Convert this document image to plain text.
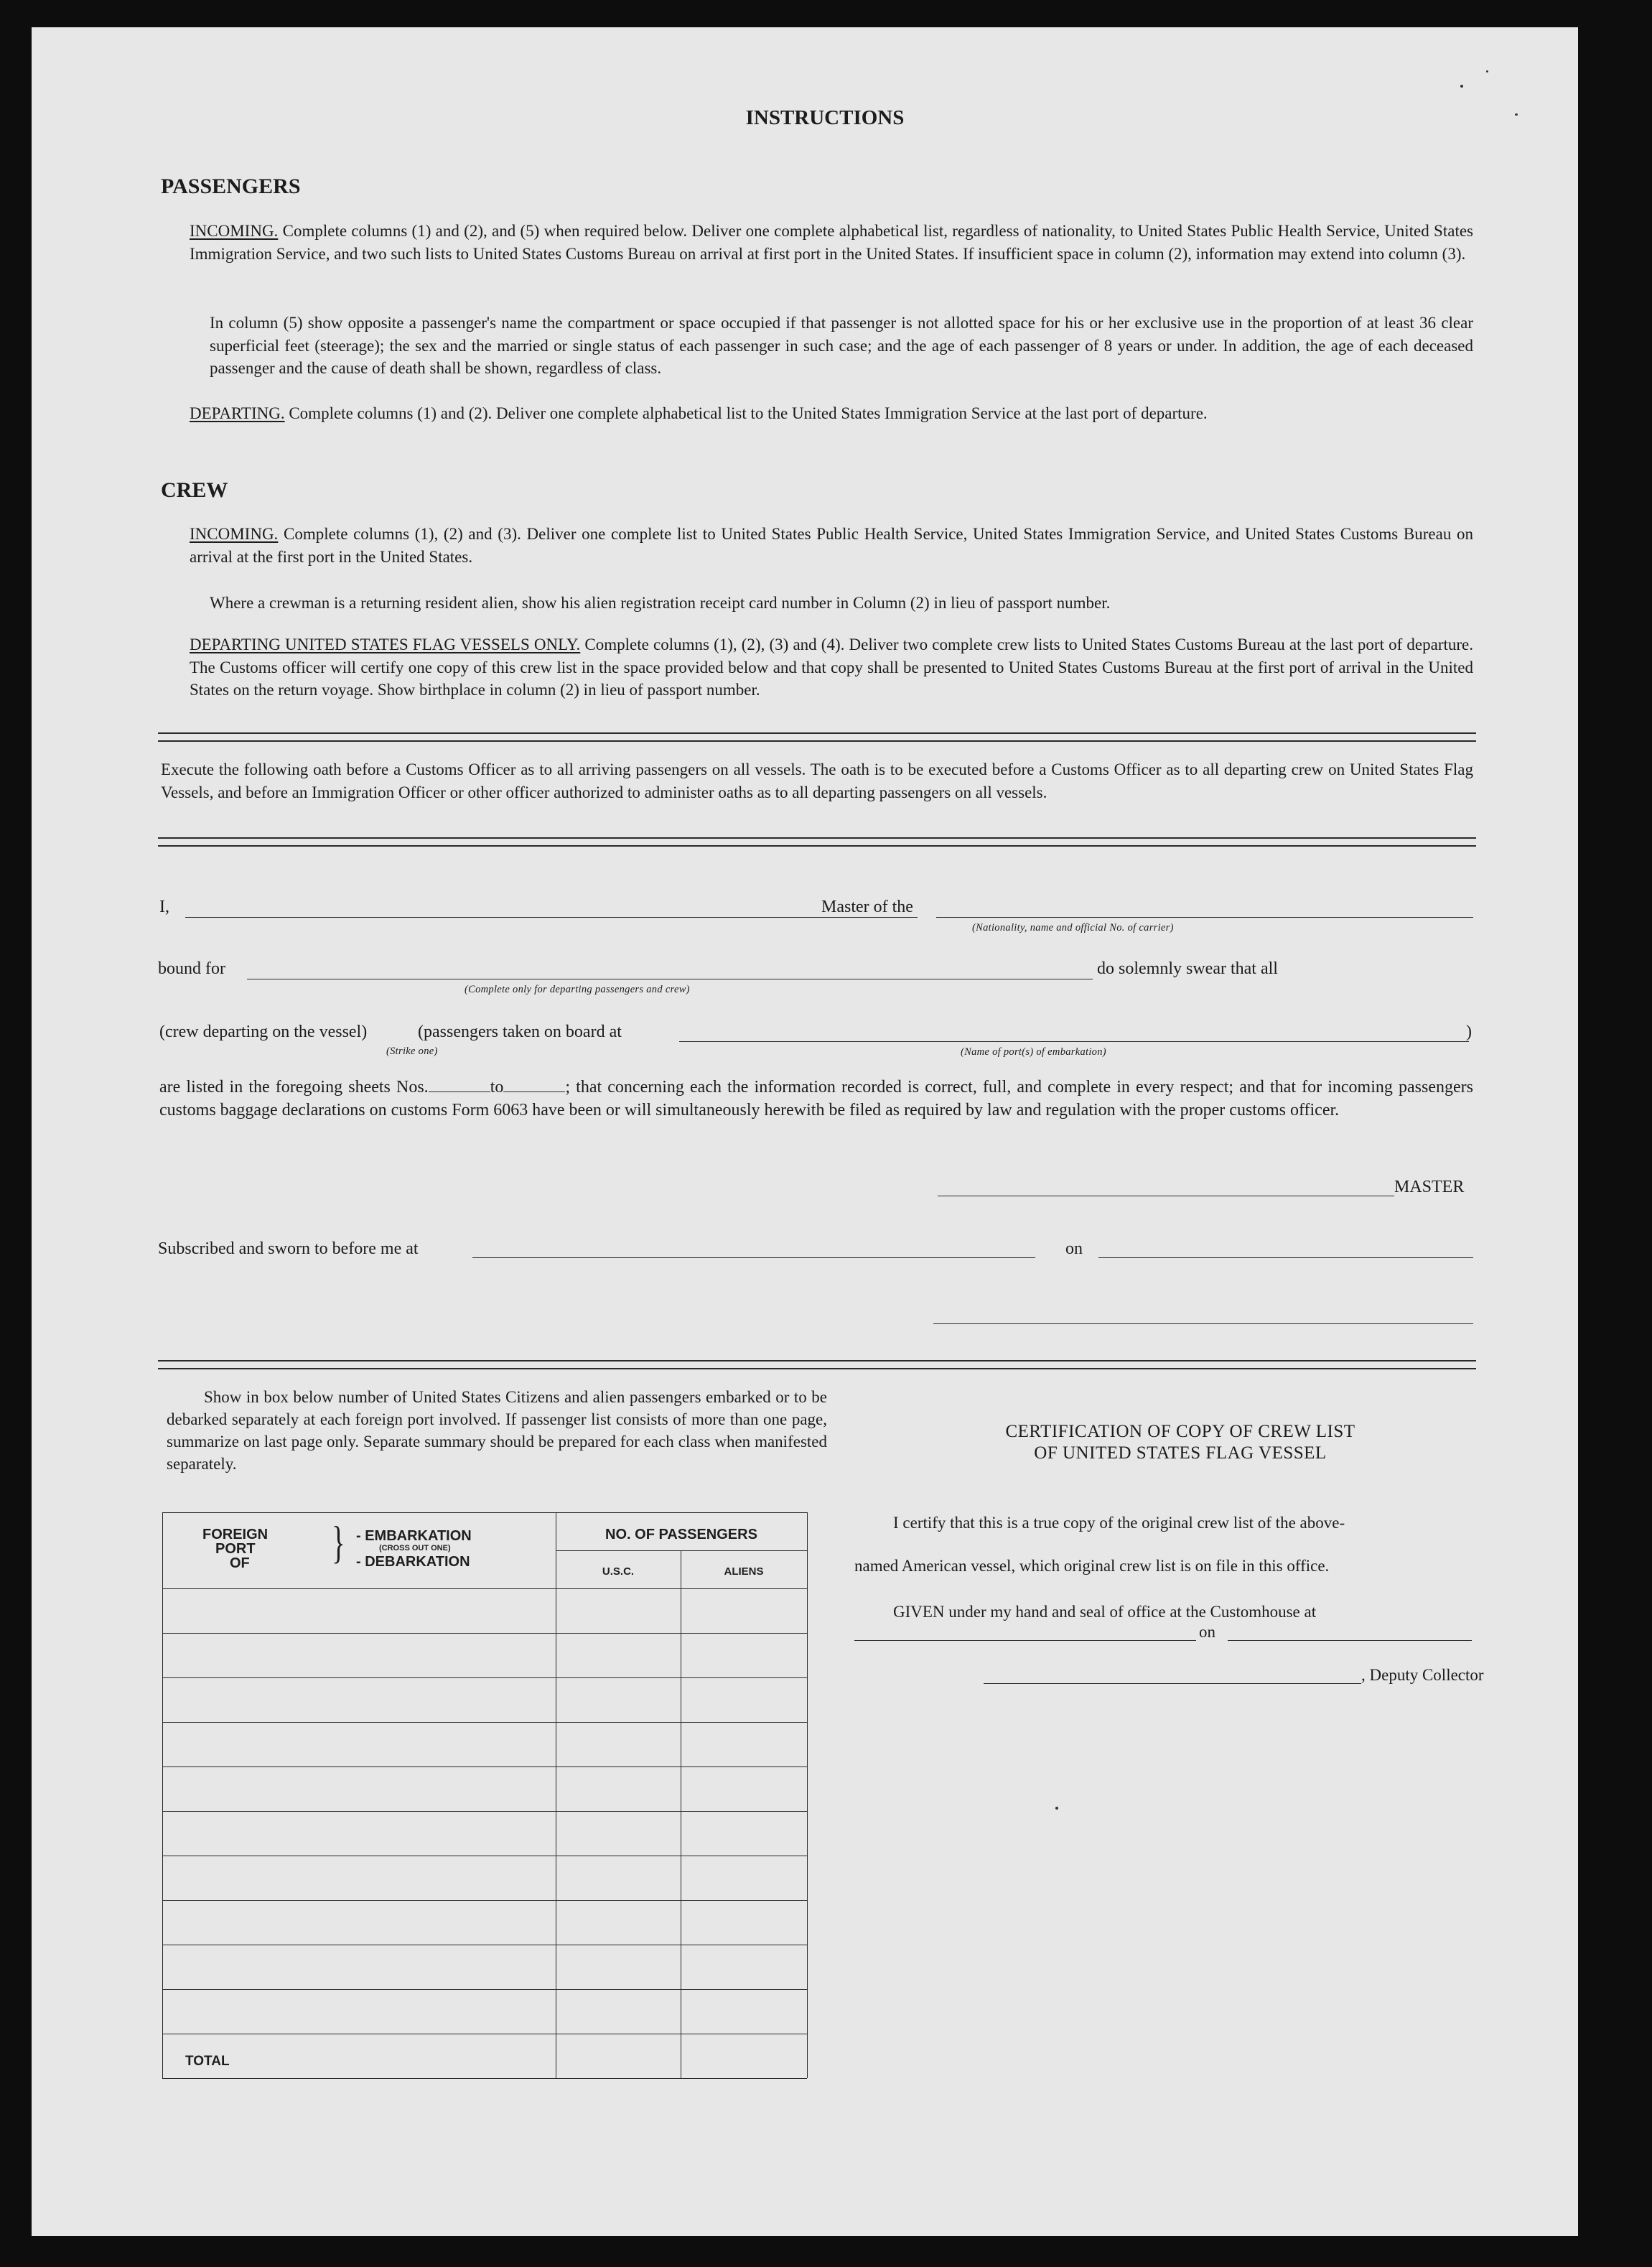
INSTRUCTIONS
PASSENGERS
INCOMING. Complete columns (1) and (2), and (5) when required below. Deliver one complete alphabetical list, regardless of nationality, to United States Public Health Service, United States Immigration Service, and two such lists to United States Customs Bureau on arrival at first port in the United States. If insufficient space in column (2), information may extend into column (3).
In column (5) show opposite a passenger's name the compartment or space occupied if that passenger is not allotted space for his or her exclusive use in the proportion of at least 36 clear superficial feet (steerage); the sex and the married or single status of each passenger in such case; and the age of each passenger of 8 years or under. In addition, the age of each deceased passenger and the cause of death shall be shown, regardless of class.
DEPARTING. Complete columns (1) and (2). Deliver one complete alphabetical list to the United States Immigration Service at the last port of departure.
CREW
INCOMING. Complete columns (1), (2) and (3). Deliver one complete list to United States Public Health Service, United States Immigration Service, and United States Customs Bureau on arrival at the first port in the United States.
Where a crewman is a returning resident alien, show his alien registration receipt card number in Column (2) in lieu of passport number.
DEPARTING UNITED STATES FLAG VESSELS ONLY. Complete columns (1), (2), (3) and (4). Deliver two complete crew lists to United States Customs Bureau at the last port of departure. The Customs officer will certify one copy of this crew list in the space provided below and that copy shall be presented to United States Customs Bureau at the first port of arrival in the United States on the return voyage. Show birthplace in column (2) in lieu of passport number.
Execute the following oath before a Customs Officer as to all arriving passengers on all vessels. The oath is to be executed before a Customs Officer as to all departing crew on United States Flag Vessels, and before an Immigration Officer or other officer authorized to administer oaths as to all departing passengers on all vessels.
I,	Master of the
(Nationality, name and official No. of carrier)
bound for
(Complete only for departing passengers and crew)
do solemnly swear that all
(crew departing on the vessel)
(Strike one)
(passengers taken on board at
(Name of port(s) of embarkation)
)
are listed in the foregoing sheets Nos.	to	; that concerning each the information recorded is correct, full, and complete in every respect; and that for incoming passengers customs baggage declarations on customs Form 6063 have been or will simultaneously herewith be filed as required by law and regulation with the proper customs officer.
MASTER
Subscribed and sworn to before me at	on
Show in box below number of United States Citizens and alien passengers embarked or to be debarked separately at each foreign port involved. If passenger list consists of more than one page, summarize on last page only. Separate summary should be prepared for each class when manifested separately.
FOREIGN
PORT
OF } - EMBARKATION
(CROSS OUT ONE)
- DEBARKATION
NO. OF PASSENGERS
U.S.C.	ALIENS
TOTAL
CERTIFICATION OF COPY OF CREW LIST
OF UNITED STATES FLAG VESSEL
I certify that this is a true copy of the original crew list of the above-
named American vessel, which original crew list is on file in this office.
GIVEN under my hand and seal of office at the Customhouse at
on
, Deputy Collector
